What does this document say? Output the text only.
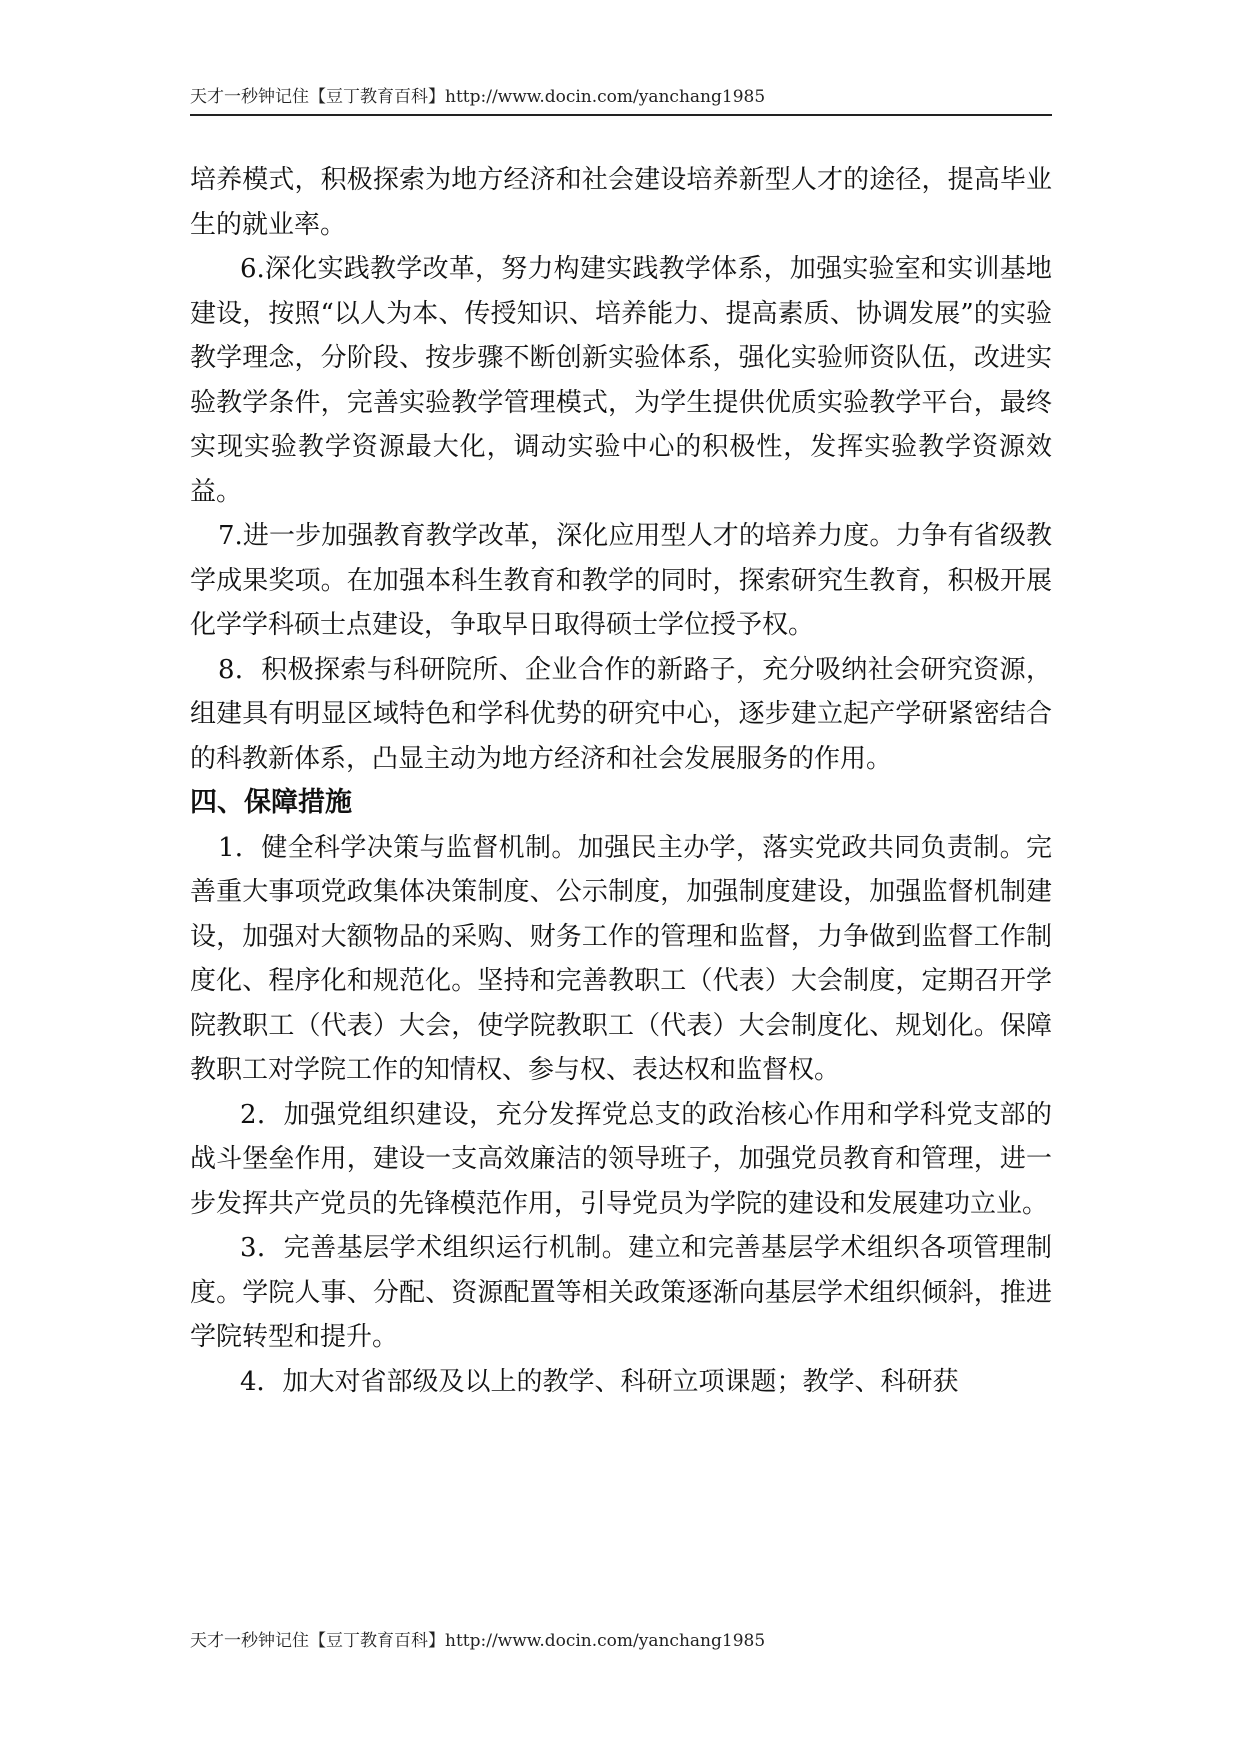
天才一秒钟记住【豆丁教育百科】http://www.docin.com/yanchang1985

培养模式，积极探索为地方经济和社会建设培养新型人才的途径，提高毕业生的就业率。

6.深化实践教学改革，努力构建实践教学体系，加强实验室和实训基地建设，按照“以人为本、传授知识、培养能力、提高素质、协调发展”的实验教学理念，分阶段、按步骤不断创新实验体系，强化实验师资队伍，改进实验教学条件，完善实验教学管理模式，为学生提供优质实验教学平台，最终实现实验教学资源最大化，调动实验中心的积极性，发挥实验教学资源效益。

7.进一步加强教育教学改革，深化应用型人才的培养力度。力争有省级教学成果奖项。在加强本科生教育和教学的同时，探索研究生教育，积极开展化学学科硕士点建设，争取早日取得硕士学位授予权。

8．积极探索与科研院所、企业合作的新路子，充分吸纳社会研究资源，组建具有明显区域特色和学科优势的研究中心，逐步建立起产学研紧密结合的科教新体系，凸显主动为地方经济和社会发展服务的作用。

四、保障措施

1．健全科学决策与监督机制。加强民主办学，落实党政共同负责制。完善重大事项党政集体决策制度、公示制度，加强制度建设，加强监督机制建设，加强对大额物品的采购、财务工作的管理和监督，力争做到监督工作制度化、程序化和规范化。坚持和完善教职工（代表）大会制度，定期召开学院教职工（代表）大会，使学院教职工（代表）大会制度化、规划化。保障教职工对学院工作的知情权、参与权、表达权和监督权。

2．加强党组织建设，充分发挥党总支的政治核心作用和学科党支部的战斗堡垒作用，建设一支高效廉洁的领导班子，加强党员教育和管理，进一步发挥共产党员的先锋模范作用，引导党员为学院的建设和发展建功立业。

3．完善基层学术组织运行机制。建立和完善基层学术组织各项管理制度。学院人事、分配、资源配置等相关政策逐渐向基层学术组织倾斜，推进学院转型和提升。

4．加大对省部级及以上的教学、科研立项课题；教学、科研获

天才一秒钟记住【豆丁教育百科】http://www.docin.com/yanchang1985
